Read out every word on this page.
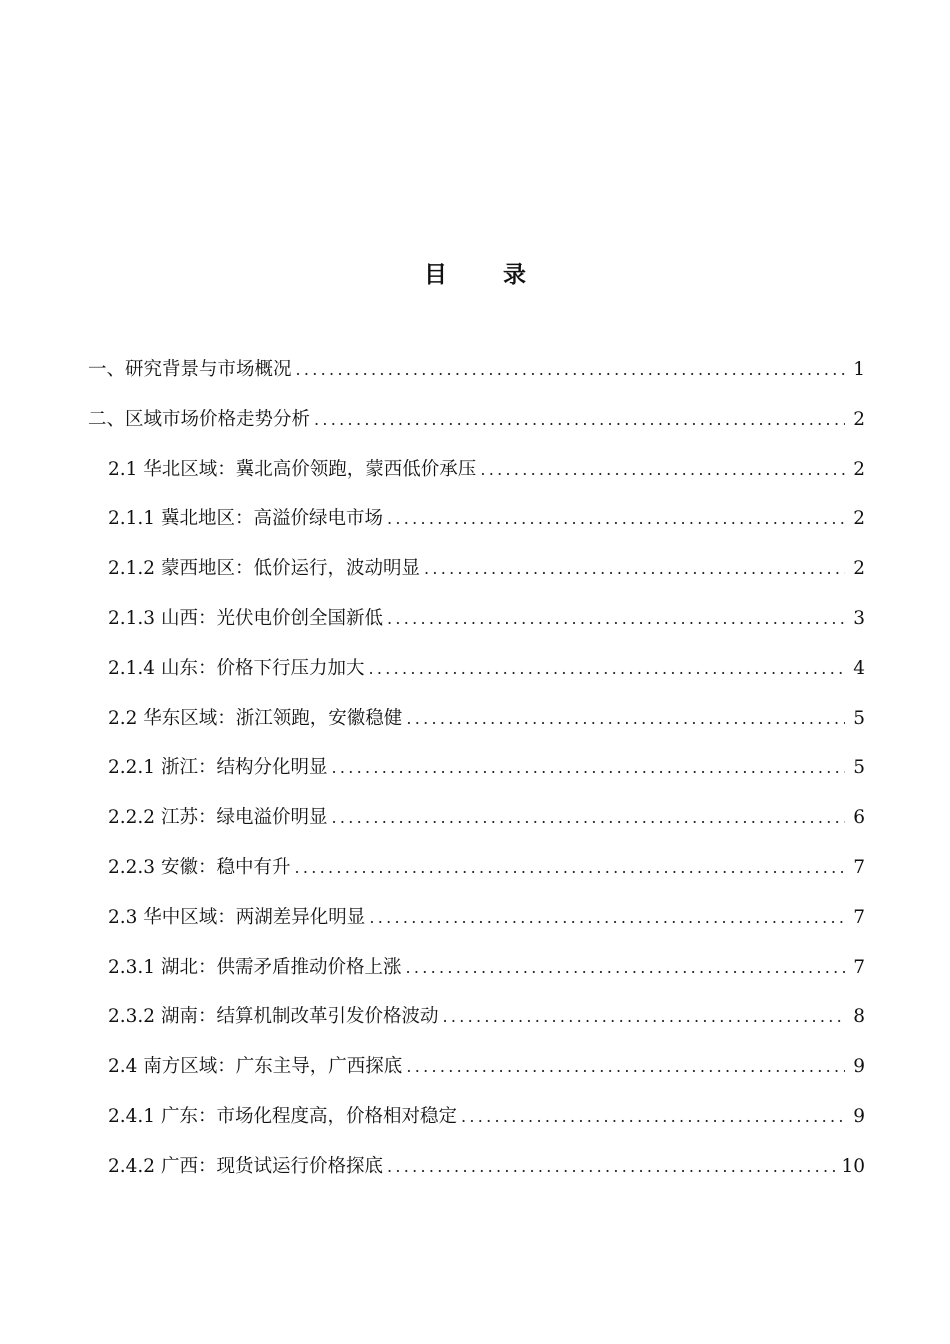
目 录
一、研究背景与市场概况 .....	1
二、区域市场价格走势分析 .....	2
2.1 华北区域：冀北高价领跑，蒙西低价承压 .....	2
2.1.1 冀北地区：高溢价绿电市场 .....	2
2.1.2 蒙西地区：低价运行，波动明显 .....	2
2.1.3 山西：光伏电价创全国新低 .....	3
2.1.4 山东：价格下行压力加大 .....	4
2.2 华东区域：浙江领跑，安徽稳健 .....	5
2.2.1 浙江：结构分化明显 .....	5
2.2.2 江苏：绿电溢价明显 .....	6
2.2.3 安徽：稳中有升 .....	7
2.3 华中区域：两湖差异化明显 .....	7
2.3.1 湖北：供需矛盾推动价格上涨 .....	7
2.3.2 湖南：结算机制改革引发价格波动 .....	8
2.4 南方区域：广东主导，广西探底 .....	9
2.4.1 广东：市场化程度高，价格相对稳定 .....	9
2.4.2 广西：现货试运行价格探底 .....	10
